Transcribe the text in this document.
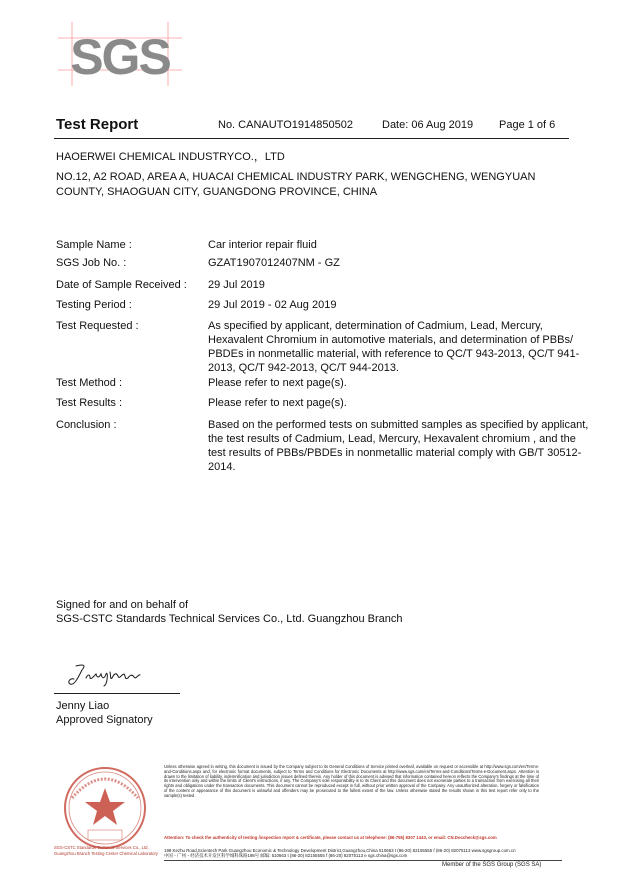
SGS
Test Report	No. CANAUTO1914850502	Date: 06 Aug 2019 Page 1 of 6
HAOERWEI CHEMICAL INDUSTRYCO.，LTD
NO.12, A2 ROAD, AREA A, HUACAI CHEMICAL INDUSTRY PARK, WENGCHENG, WENGYUAN COUNTY, SHAOGUAN CITY, GUANGDONG PROVINCE, CHINA
Sample Name :	Car interior repair fluid
SGS Job No. :	GZAT1907012407NM - GZ
Date of Sample Received : 29 Jul 2019
Testing Period :	29 Jul 2019 - 02 Aug 2019
Test Requested :	As specified by applicant, determination of Cadmium, Lead, Mercury, Hexavalent Chromium in automotive materials, and determination of PBBs/ PBDEs in nonmetallic material, with reference to QC/T 943-2013, QC/T 941-2013, QC/T 942-2013, QC/T 944-2013.
Test Method :	Please refer to next page(s).
Test Results :	Please refer to next page(s).
Conclusion :	Based on the performed tests on submitted samples as specified by applicant, the test results of Cadmium, Lead, Mercury, Hexavalent chromium , and the test results of PBBs/PBDEs in nonmetallic material comply with GB/T 30512-2014.
Signed for and on behalf of
SGS-CSTC Standards Technical Services Co., Ltd. Guangzhou Branch
Jenny Liao
Approved Signatory
SGS-CSTC Standards Technical Services Co., Ltd.
Guangzhou Branch Testing Center Chemical Laboratory
Unless otherwise agreed in writing, this document is issued by the Company subject to its General Conditions of Service printed overleaf, available on request or accessible at http://www.sgs.com/en/Terms-and-Conditions.aspx and, for electronic format documents, subject to Terms and Conditions for Electronic Documents at http://www.sgs.com/en/Terms-and-Conditions/Terms-e-Document.aspx. Attention is drawn to the limitation of liability, indemnification and jurisdiction issues defined therein. Any holder of this document is advised that information contained hereon reflects the Company's findings at the time of its intervention only and within the limits of Client's instructions, if any. The Company's sole responsibility is to its Client and this document does not exonerate parties to a transaction from exercising all their rights and obligations under the transaction documents. This document cannot be reproduced except in full, without prior written approval of the Company. Any unauthorized alteration, forgery or falsification of the content or appearance of this document is unlawful and offenders may be prosecuted to the fullest extent of the law. Unless otherwise stated the results shown in this test report refer only to the sample(s) tested .
Attention: To check the authenticity of testing /inspection report & certificate, please contact us at telephone: (86-755) 8307 1443, or email: CN.Doccheck@sgs.com
198 Kezhu Road,Scientech Park Guangzhou Economic & Technology Development District,Guangzhou,China 510663 t (86-20) 82155555 f (86-20) 82075113 www.sgsgroup.com.cn
中国・广州・经济技术开发区科学城科珠路198号 邮编: 510663 t (86-20) 82155555 f (86-20) 82075113 e sgs.china@sgs.com
Member of the SGS Group (SGS SA)
